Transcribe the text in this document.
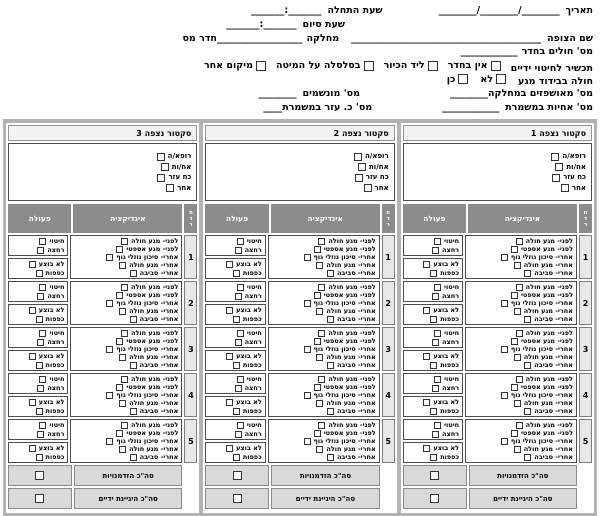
תאריך
________/________/________
שעת התחלה
_______:_______
שעת סיום
_______:_______
שם הצופה
________________________________________
מחלקה
__________________
חדר מס
מס' חולים בחדר
____________
תכשיר לחיטוי ידיים
אין בחדר
ליד הכיור
בסלסלה על המיטה
מיקום אחר
חולה בבידוד מגע
לא
כן
מס' מאושפזים במחלקה
________
מס' מונשמים
________
מס' אחיות במשמרת
____________
מס' כ. עזר במשמרת
____
סקטור נצפה 1
רופא/ה
אח/ות
כח עזר
אחר
ח
ד
ר
אינדיקציה
פעולה
1
לפני- מגע חולה
לפני- מגע אספטי
אחרי- סיכון נוזלי גוף
אחרי- מגע חולה
אחרי- סביבה
חיטוי
רחצה
לא בוצע
כפפות
2
לפני- מגע חולה
לפני- מגע אספטי
אחרי- סיכון נוזלי גוף
אחרי- מגע חולה
אחרי- סביבה
חיטוי
רחצה
לא בוצע
כפפות
3
לפני- מגע חולה
לפני- מגע אספטי
אחרי- סיכון נוזלי גוף
אחרי- מגע חולה
אחרי- סביבה
חיטוי
רחצה
לא בוצע
כפפות
4
לפני- מגע חולה
לפני- מגע אספטי
אחרי- סיכון נוזלי גוף
אחרי- מגע חולה
אחרי- סביבה
חיטוי
רחצה
לא בוצע
כפפות
5
לפני- מגע חולה
לפני- מגע אספטי
אחרי- סיכון נוזלי גוף
אחרי- מגע חולה
אחרי- סביבה
חיטוי
רחצה
לא בוצע
כפפות
סה"כ הזדמנויות
סה"כ היגיינת ידיים
סקטור נצפה 2
רופא/ה
אח/ות
כח עזר
אחר
ח
ד
ר
אינדיקציה
פעולה
1
לפני- מגע חולה
לפני- מגע אספטי
אחרי- סיכון נוזלי גוף
אחרי- מגע חולה
אחרי- סביבה
חיטוי
רחצה
לא בוצע
כפפות
2
לפני- מגע חולה
לפני- מגע אספטי
אחרי- סיכון נוזלי גוף
אחרי- מגע חולה
אחרי- סביבה
חיטוי
רחצה
לא בוצע
כפפות
3
לפני- מגע חולה
לפני- מגע אספטי
אחרי- סיכון נוזלי גוף
אחרי- מגע חולה
אחרי- סביבה
חיטוי
רחצה
לא בוצע
כפפות
4
לפני- מגע חולה
לפני- מגע אספטי
אחרי- סיכון נוזלי גוף
אחרי- מגע חולה
אחרי- סביבה
חיטוי
רחצה
לא בוצע
כפפות
5
לפני- מגע חולה
לפני- מגע אספטי
אחרי- סיכון נוזלי גוף
אחרי- מגע חולה
אחרי- סביבה
חיטוי
רחצה
לא בוצע
כפפות
סה"כ הזדמנויות
סה"כ היגיינת ידיים
סקטור נצפה 3
רופא/ה
אח/ות
כח עזר
אחר
ח
ד
ר
אינדיקציה
פעולה
1
לפני- מגע חולה
לפני- מגע אספטי
אחרי- סיכון נוזלי גוף
אחרי- מגע חולה
אחרי- סביבה
חיטוי
רחצה
לא בוצע
כפפות
2
לפני- מגע חולה
לפני- מגע אספטי
אחרי- סיכון נוזלי גוף
אחרי- מגע חולה
אחרי- סביבה
חיטוי
רחצה
לא בוצע
כפפות
3
לפני- מגע חולה
לפני- מגע אספטי
אחרי- סיכון נוזלי גוף
אחרי- מגע חולה
אחרי- סביבה
חיטוי
רחצה
לא בוצע
כפפות
4
לפני- מגע חולה
לפני- מגע אספטי
אחרי- סיכון נוזלי גוף
אחרי- מגע חולה
אחרי- סביבה
חיטוי
רחצה
לא בוצע
כפפות
5
לפני- מגע חולה
לפני- מגע אספטי
אחרי- סיכון נוזלי גוף
אחרי- מגע חולה
אחרי- סביבה
חיטוי
רחצה
לא בוצע
כפפות
סה"כ הזדמנויות
סה"כ היגיינת ידיים
